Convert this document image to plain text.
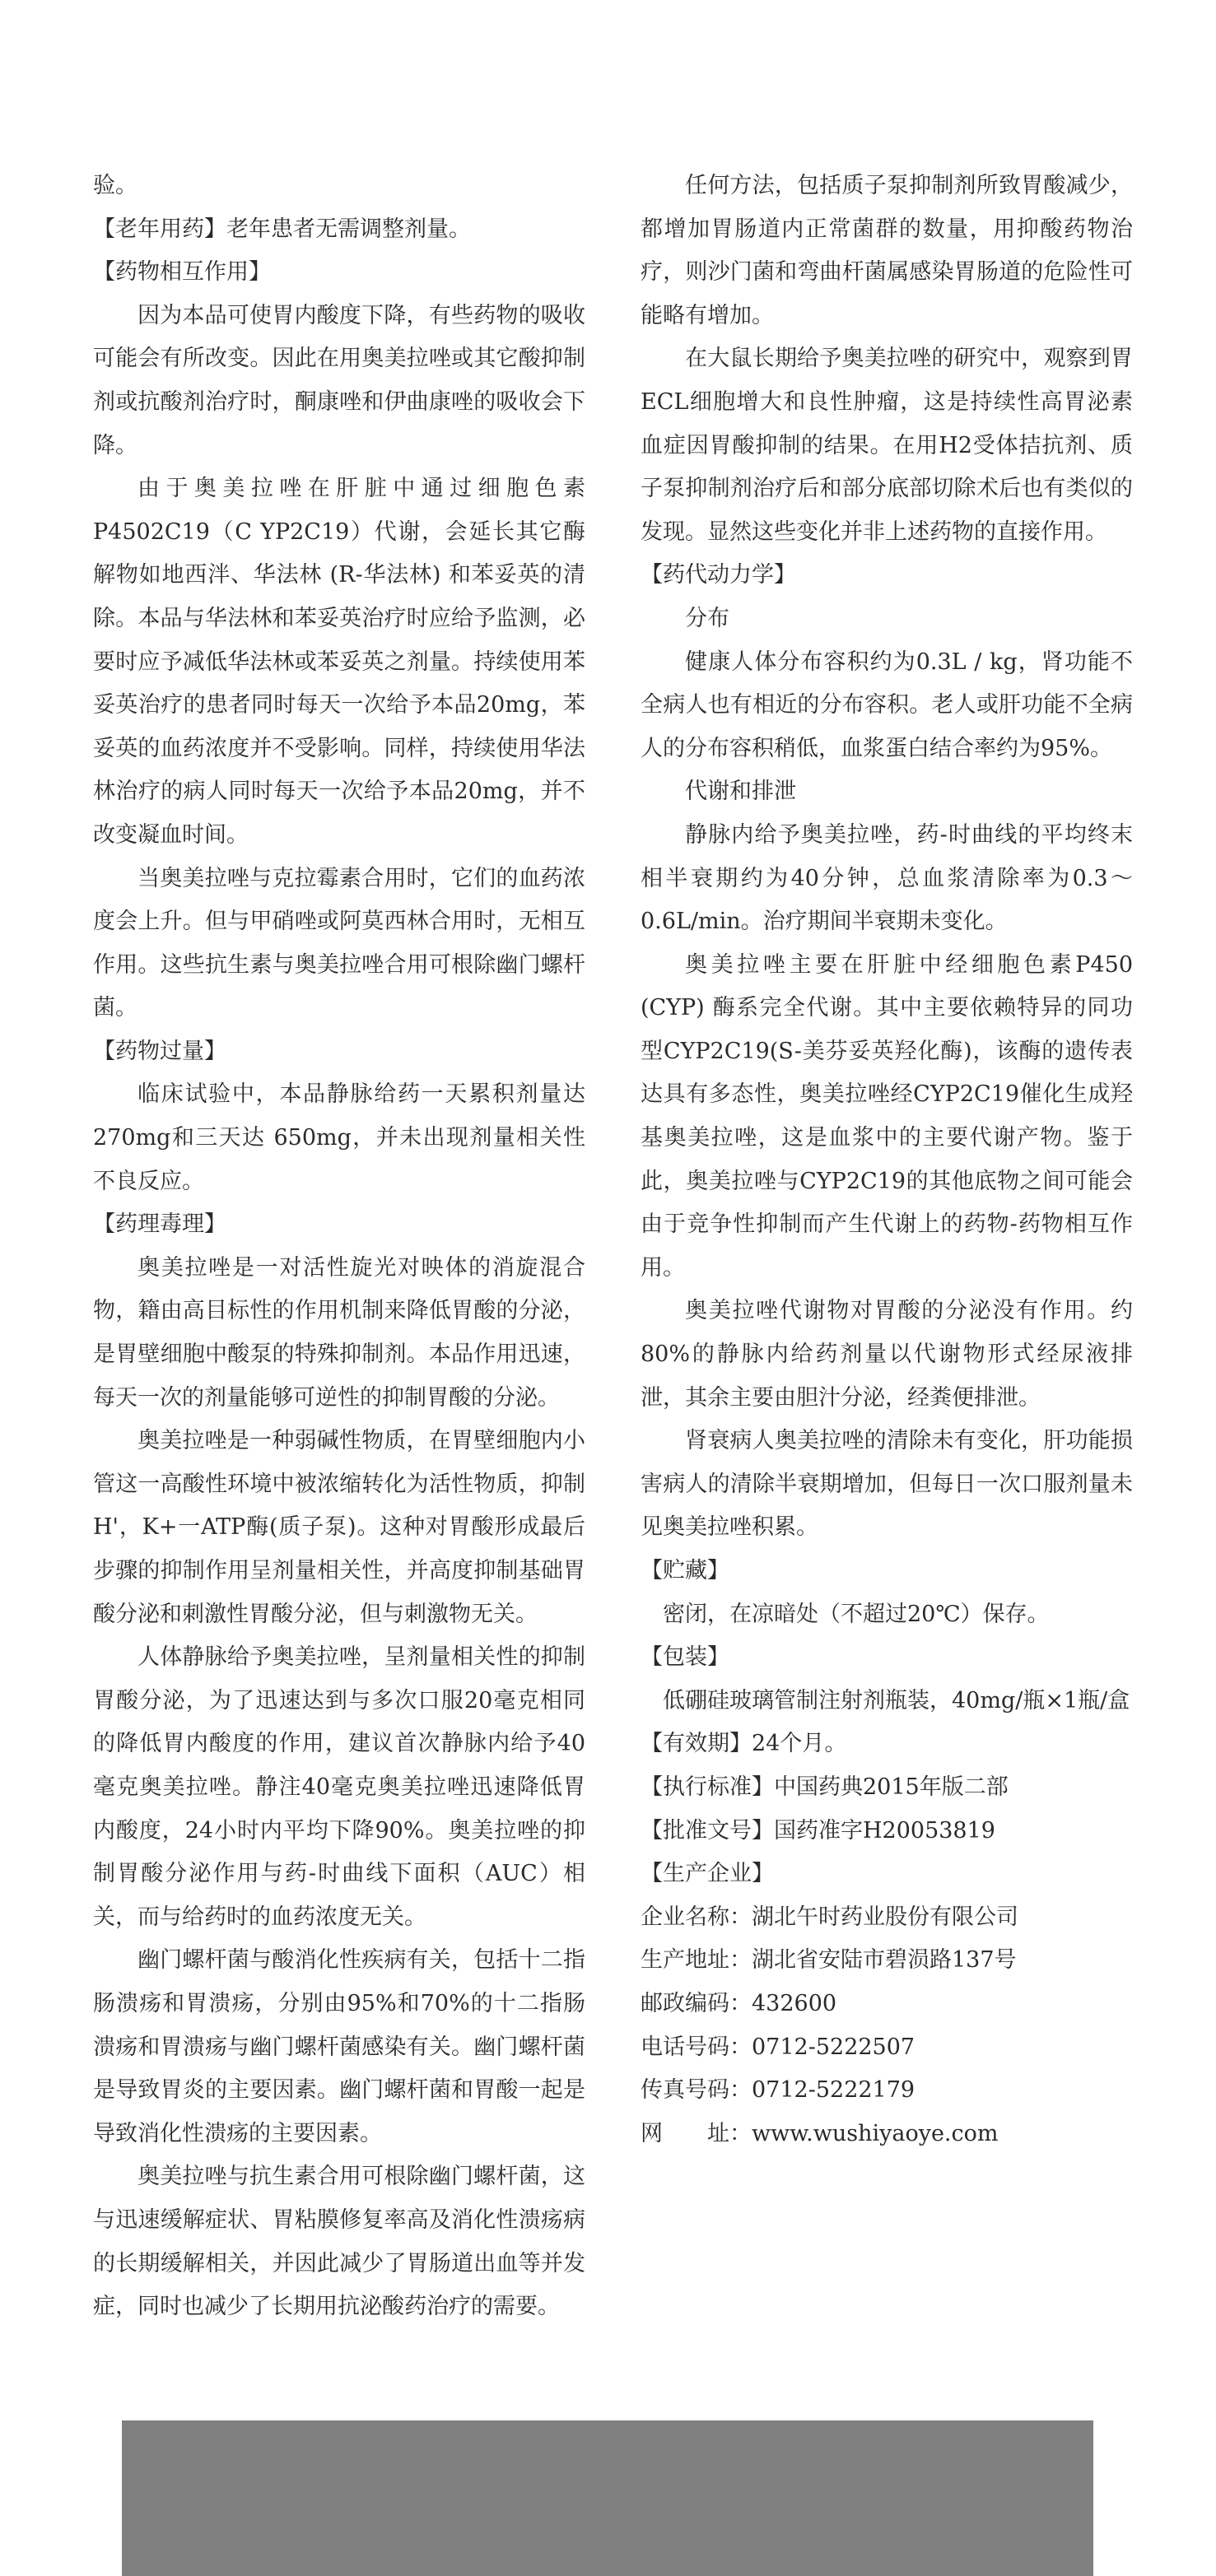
验。

【老年用药】老年患者无需调整剂量。

【药物相互作用】

因为本品可使胃内酸度下降，有些药物的吸收可能会有所改变。因此在用奥美拉唑或其它酸抑制剂或抗酸剂治疗时，酮康唑和伊曲康唑的吸收会下降。

由于奥美拉唑在肝脏中通过细胞色素P4502C19（C YP2C19）代谢，会延长其它酶解物如地西泮、华法林 (R-华法林) 和苯妥英的清除。本品与华法林和苯妥英治疗时应给予监测，必要时应予减低华法林或苯妥英之剂量。持续使用苯妥英治疗的患者同时每天一次给予本品20mg，苯妥英的血药浓度并不受影响。同样，持续使用华法林治疗的病人同时每天一次给予本品20mg，并不改变凝血时间。

当奥美拉唑与克拉霉素合用时，它们的血药浓度会上升。但与甲硝唑或阿莫西林合用时，无相互作用。这些抗生素与奥美拉唑合用可根除幽门螺杆菌。

【药物过量】

临床试验中，本品静脉给药一天累积剂量达 270mg和三天达 650mg，并未出现剂量相关性不良反应。

【药理毒理】

奥美拉唑是一对活性旋光对映体的消旋混合物，籍由高目标性的作用机制来降低胃酸的分泌，是胃壁细胞中酸泵的特殊抑制剂。本品作用迅速，每天一次的剂量能够可逆性的抑制胃酸的分泌。

奥美拉唑是一种弱碱性物质，在胃壁细胞内小管这一高酸性环境中被浓缩转化为活性物质，抑制H'，K+一ATP酶(质子泵)。这种对胃酸形成最后步骤的抑制作用呈剂量相关性，并高度抑制基础胃酸分泌和刺激性胃酸分泌，但与刺激物无关。

人体静脉给予奥美拉唑，呈剂量相关性的抑制胃酸分泌，为了迅速达到与多次口服20毫克相同的降低胃内酸度的作用，建议首次静脉内给予40毫克奥美拉唑。静注40毫克奥美拉唑迅速降低胃内酸度，24小时内平均下降90%。奥美拉唑的抑制胃酸分泌作用与药-时曲线下面积（AUC）相关，而与给药时的血药浓度无关。

幽门螺杆菌与酸消化性疾病有关，包括十二指肠溃疡和胃溃疡，分别由95%和70%的十二指肠溃疡和胃溃疡与幽门螺杆菌感染有关。幽门螺杆菌是导致胃炎的主要因素。幽门螺杆菌和胃酸一起是导致消化性溃疡的主要因素。

奥美拉唑与抗生素合用可根除幽门螺杆菌，这与迅速缓解症状、胃粘膜修复率高及消化性溃疡病的长期缓解相关，并因此减少了胃肠道出血等并发症，同时也减少了长期用抗泌酸药治疗的需要。

任何方法，包括质子泵抑制剂所致胃酸减少，都增加胃肠道内正常菌群的数量，用抑酸药物治疗，则沙门菌和弯曲杆菌属感染胃肠道的危险性可能略有增加。

在大鼠长期给予奥美拉唑的研究中，观察到胃ECL细胞增大和良性肿瘤，这是持续性高胃泌素血症因胃酸抑制的结果。在用H2受体拮抗剂、质子泵抑制剂治疗后和部分底部切除术后也有类似的发现。显然这些变化并非上述药物的直接作用。

【药代动力学】

分布

健康人体分布容积约为0.3L / kg，肾功能不全病人也有相近的分布容积。老人或肝功能不全病人的分布容积稍低，血浆蛋白结合率约为95%。

代谢和排泄

静脉内给予奥美拉唑，药-时曲线的平均终末相半衰期约为40分钟，总血浆清除率为0.3～0.6L/min。治疗期间半衰期未变化。

奥美拉唑主要在肝脏中经细胞色素P450 (CYP) 酶系完全代谢。其中主要依赖特异的同功型CYP2C19(S-美芬妥英羟化酶)，该酶的遗传表达具有多态性，奥美拉唑经CYP2C19催化生成羟基奥美拉唑，这是血浆中的主要代谢产物。鉴于此，奥美拉唑与CYP2C19的其他底物之间可能会由于竞争性抑制而产生代谢上的药物-药物相互作用。

奥美拉唑代谢物对胃酸的分泌没有作用。约80%的静脉内给药剂量以代谢物形式经尿液排泄，其余主要由胆汁分泌，经粪便排泄。

肾衰病人奥美拉唑的清除未有变化，肝功能损害病人的清除半衰期增加，但每日一次口服剂量未见奥美拉唑积累。

【贮藏】

密闭，在凉暗处（不超过20℃）保存。

【包装】

低硼硅玻璃管制注射剂瓶装，40mg/瓶×1瓶/盒

【有效期】24个月。

【执行标准】中国药典2015年版二部

【批准文号】国药准字H20053819

【生产企业】

企业名称：湖北午时药业股份有限公司

生产地址：湖北省安陆市碧涢路137号

邮政编码：432600

电话号码：0712-5222507

传真号码：0712-5222179

网　　址：www.wushiyaoye.com
